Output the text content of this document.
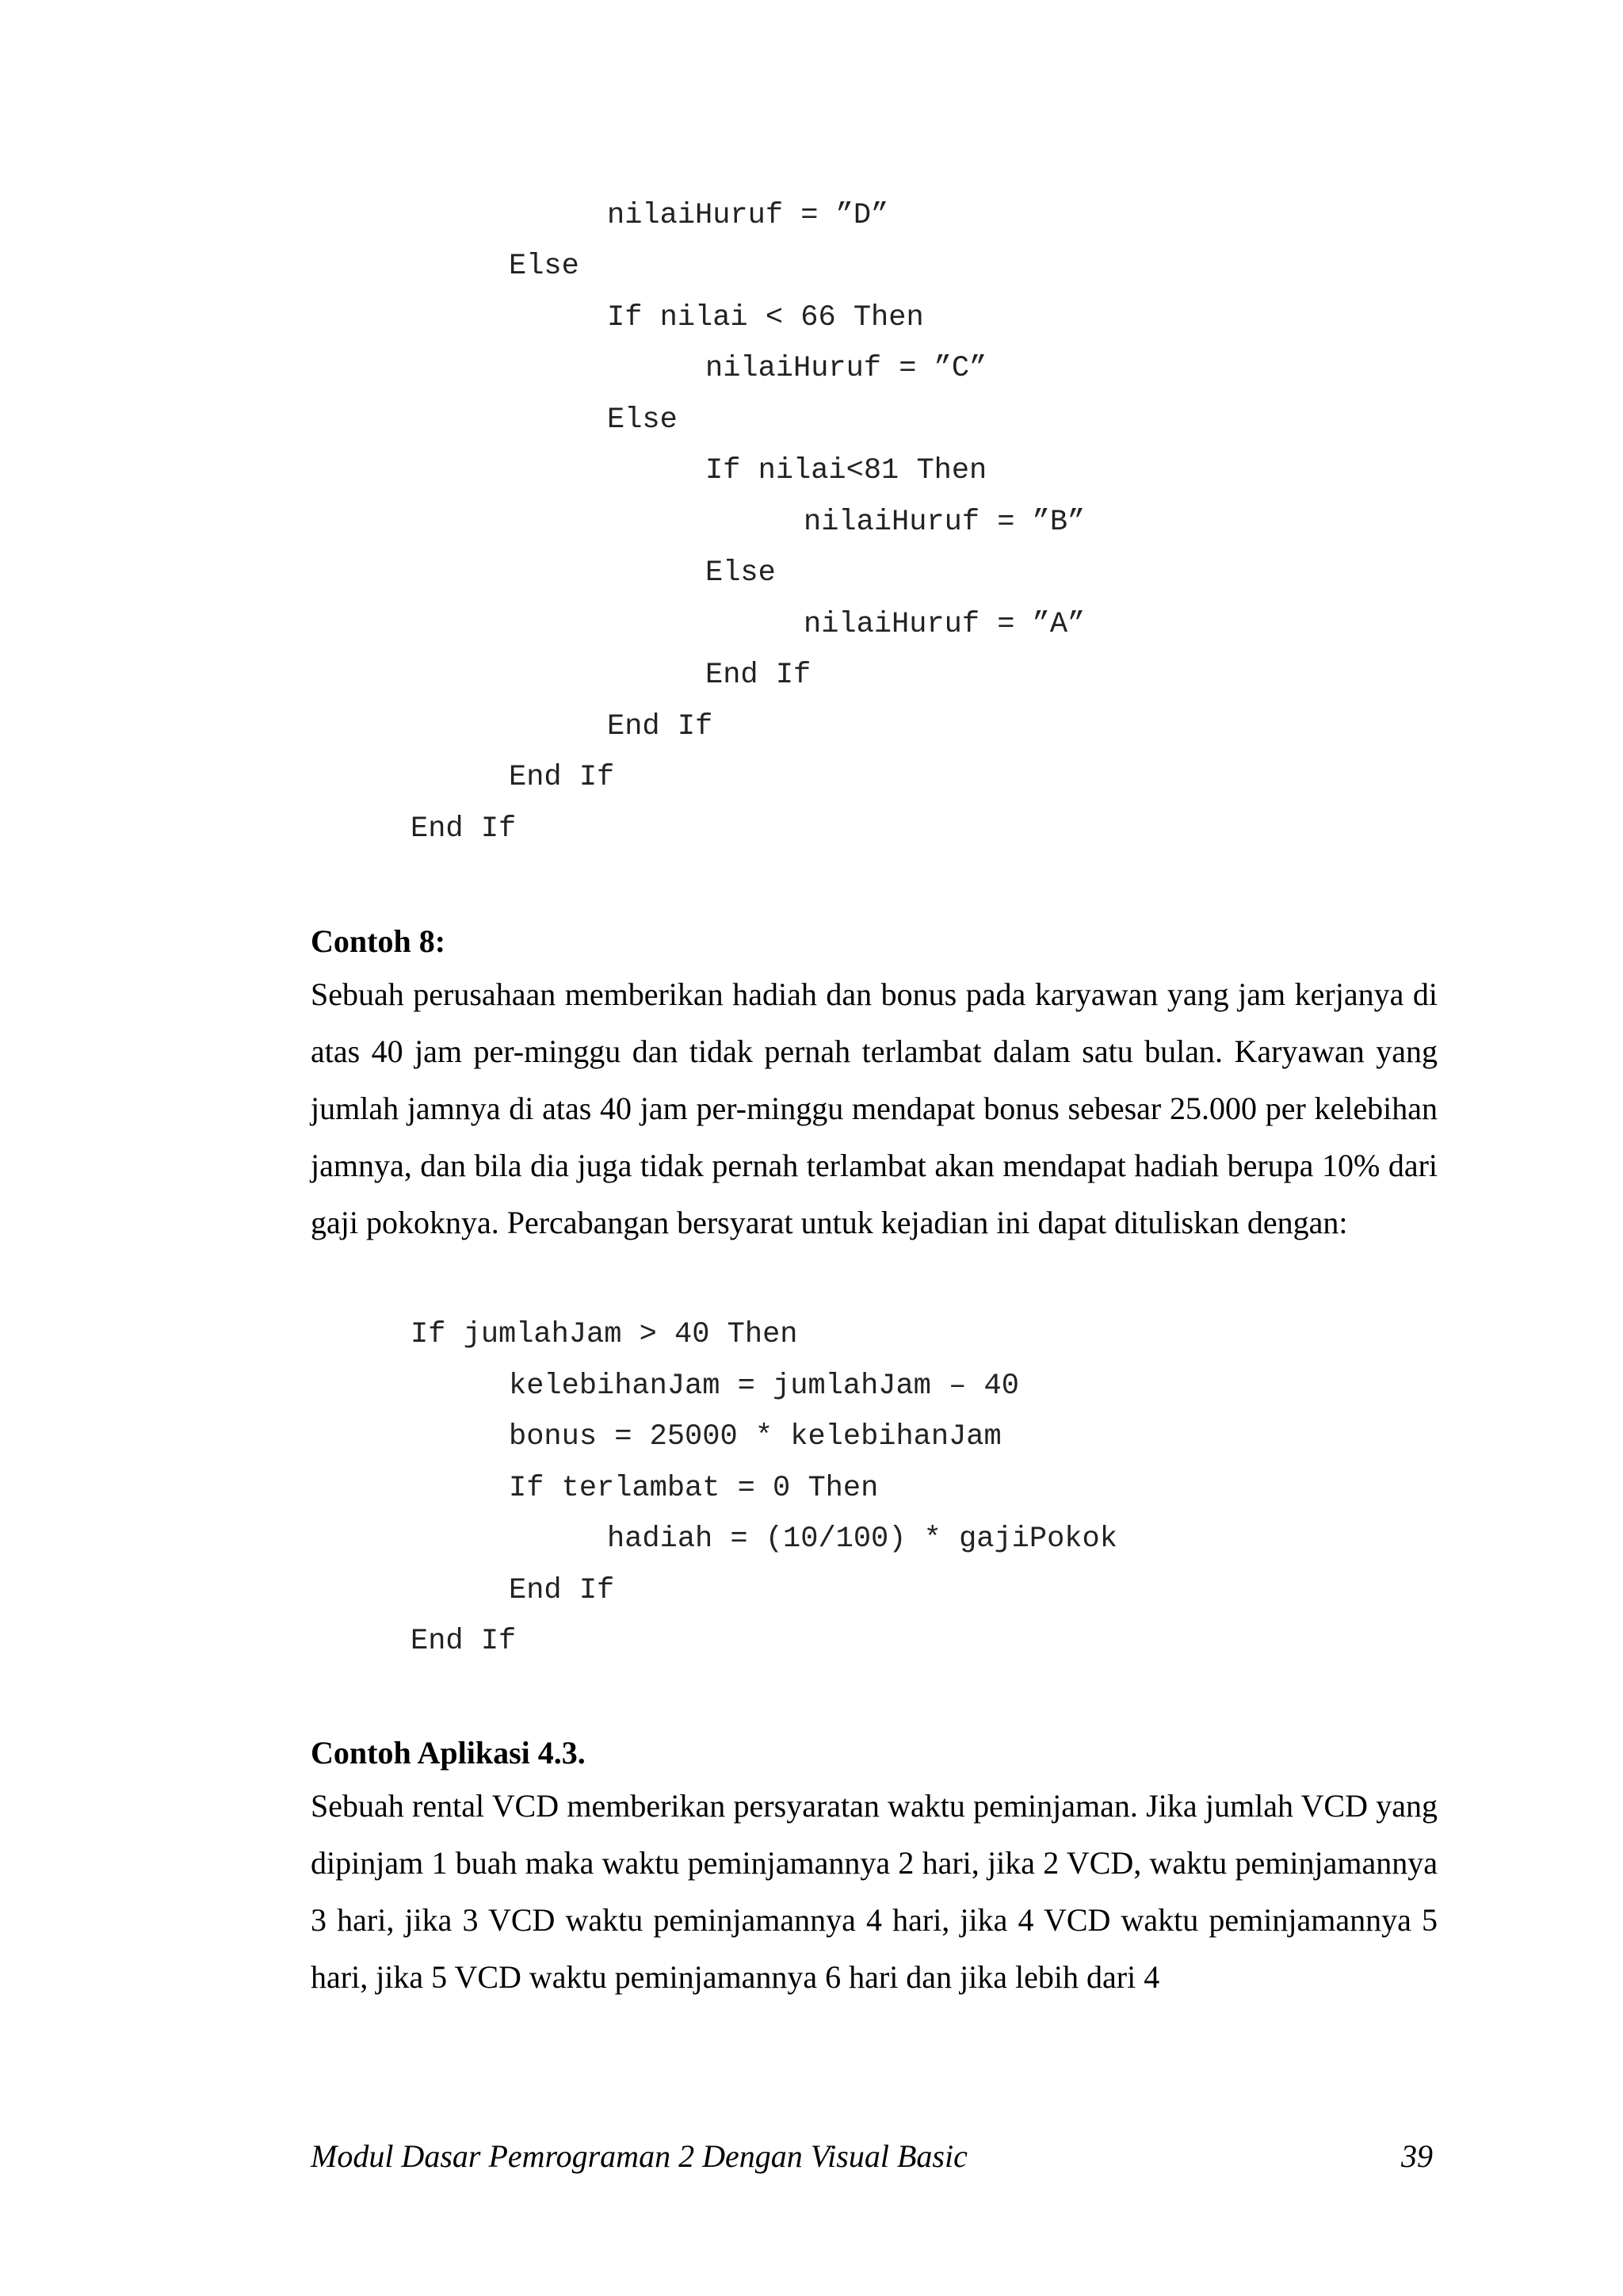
nilaiHuruf = ”D”
Else
If nilai < 66 Then
nilaiHuruf = ”C”
Else
If nilai<81 Then
nilaiHuruf = ”B”
Else
nilaiHuruf = ”A”
End If
End If
End If
End If
Contoh 8:
Sebuah perusahaan memberikan hadiah dan bonus pada karyawan yang jam kerjanya di atas 40 jam per-minggu dan tidak pernah terlambat dalam satu bulan. Karyawan yang jumlah jamnya di atas 40 jam per-minggu mendapat bonus sebesar 25.000 per kelebihan jamnya, dan bila dia juga tidak pernah terlambat akan mendapat hadiah berupa 10% dari gaji pokoknya. Percabangan bersyarat untuk kejadian ini dapat dituliskan dengan:
If jumlahJam > 40 Then
kelebihanJam = jumlahJam – 40
bonus = 25000 * kelebihanJam
If terlambat = 0 Then
hadiah = (10/100) * gajiPokok
End If
End If
Contoh Aplikasi 4.3.
Sebuah rental VCD memberikan persyaratan waktu peminjaman. Jika jumlah VCD yang dipinjam 1 buah maka waktu peminjamannya 2 hari, jika 2 VCD, waktu peminjamannya 3 hari, jika 3 VCD waktu peminjamannya 4 hari, jika 4 VCD waktu peminjamannya 5 hari, jika 5 VCD waktu peminjamannya 6 hari dan jika lebih dari 4
Modul Dasar Pemrograman 2 Dengan Visual Basic	39
